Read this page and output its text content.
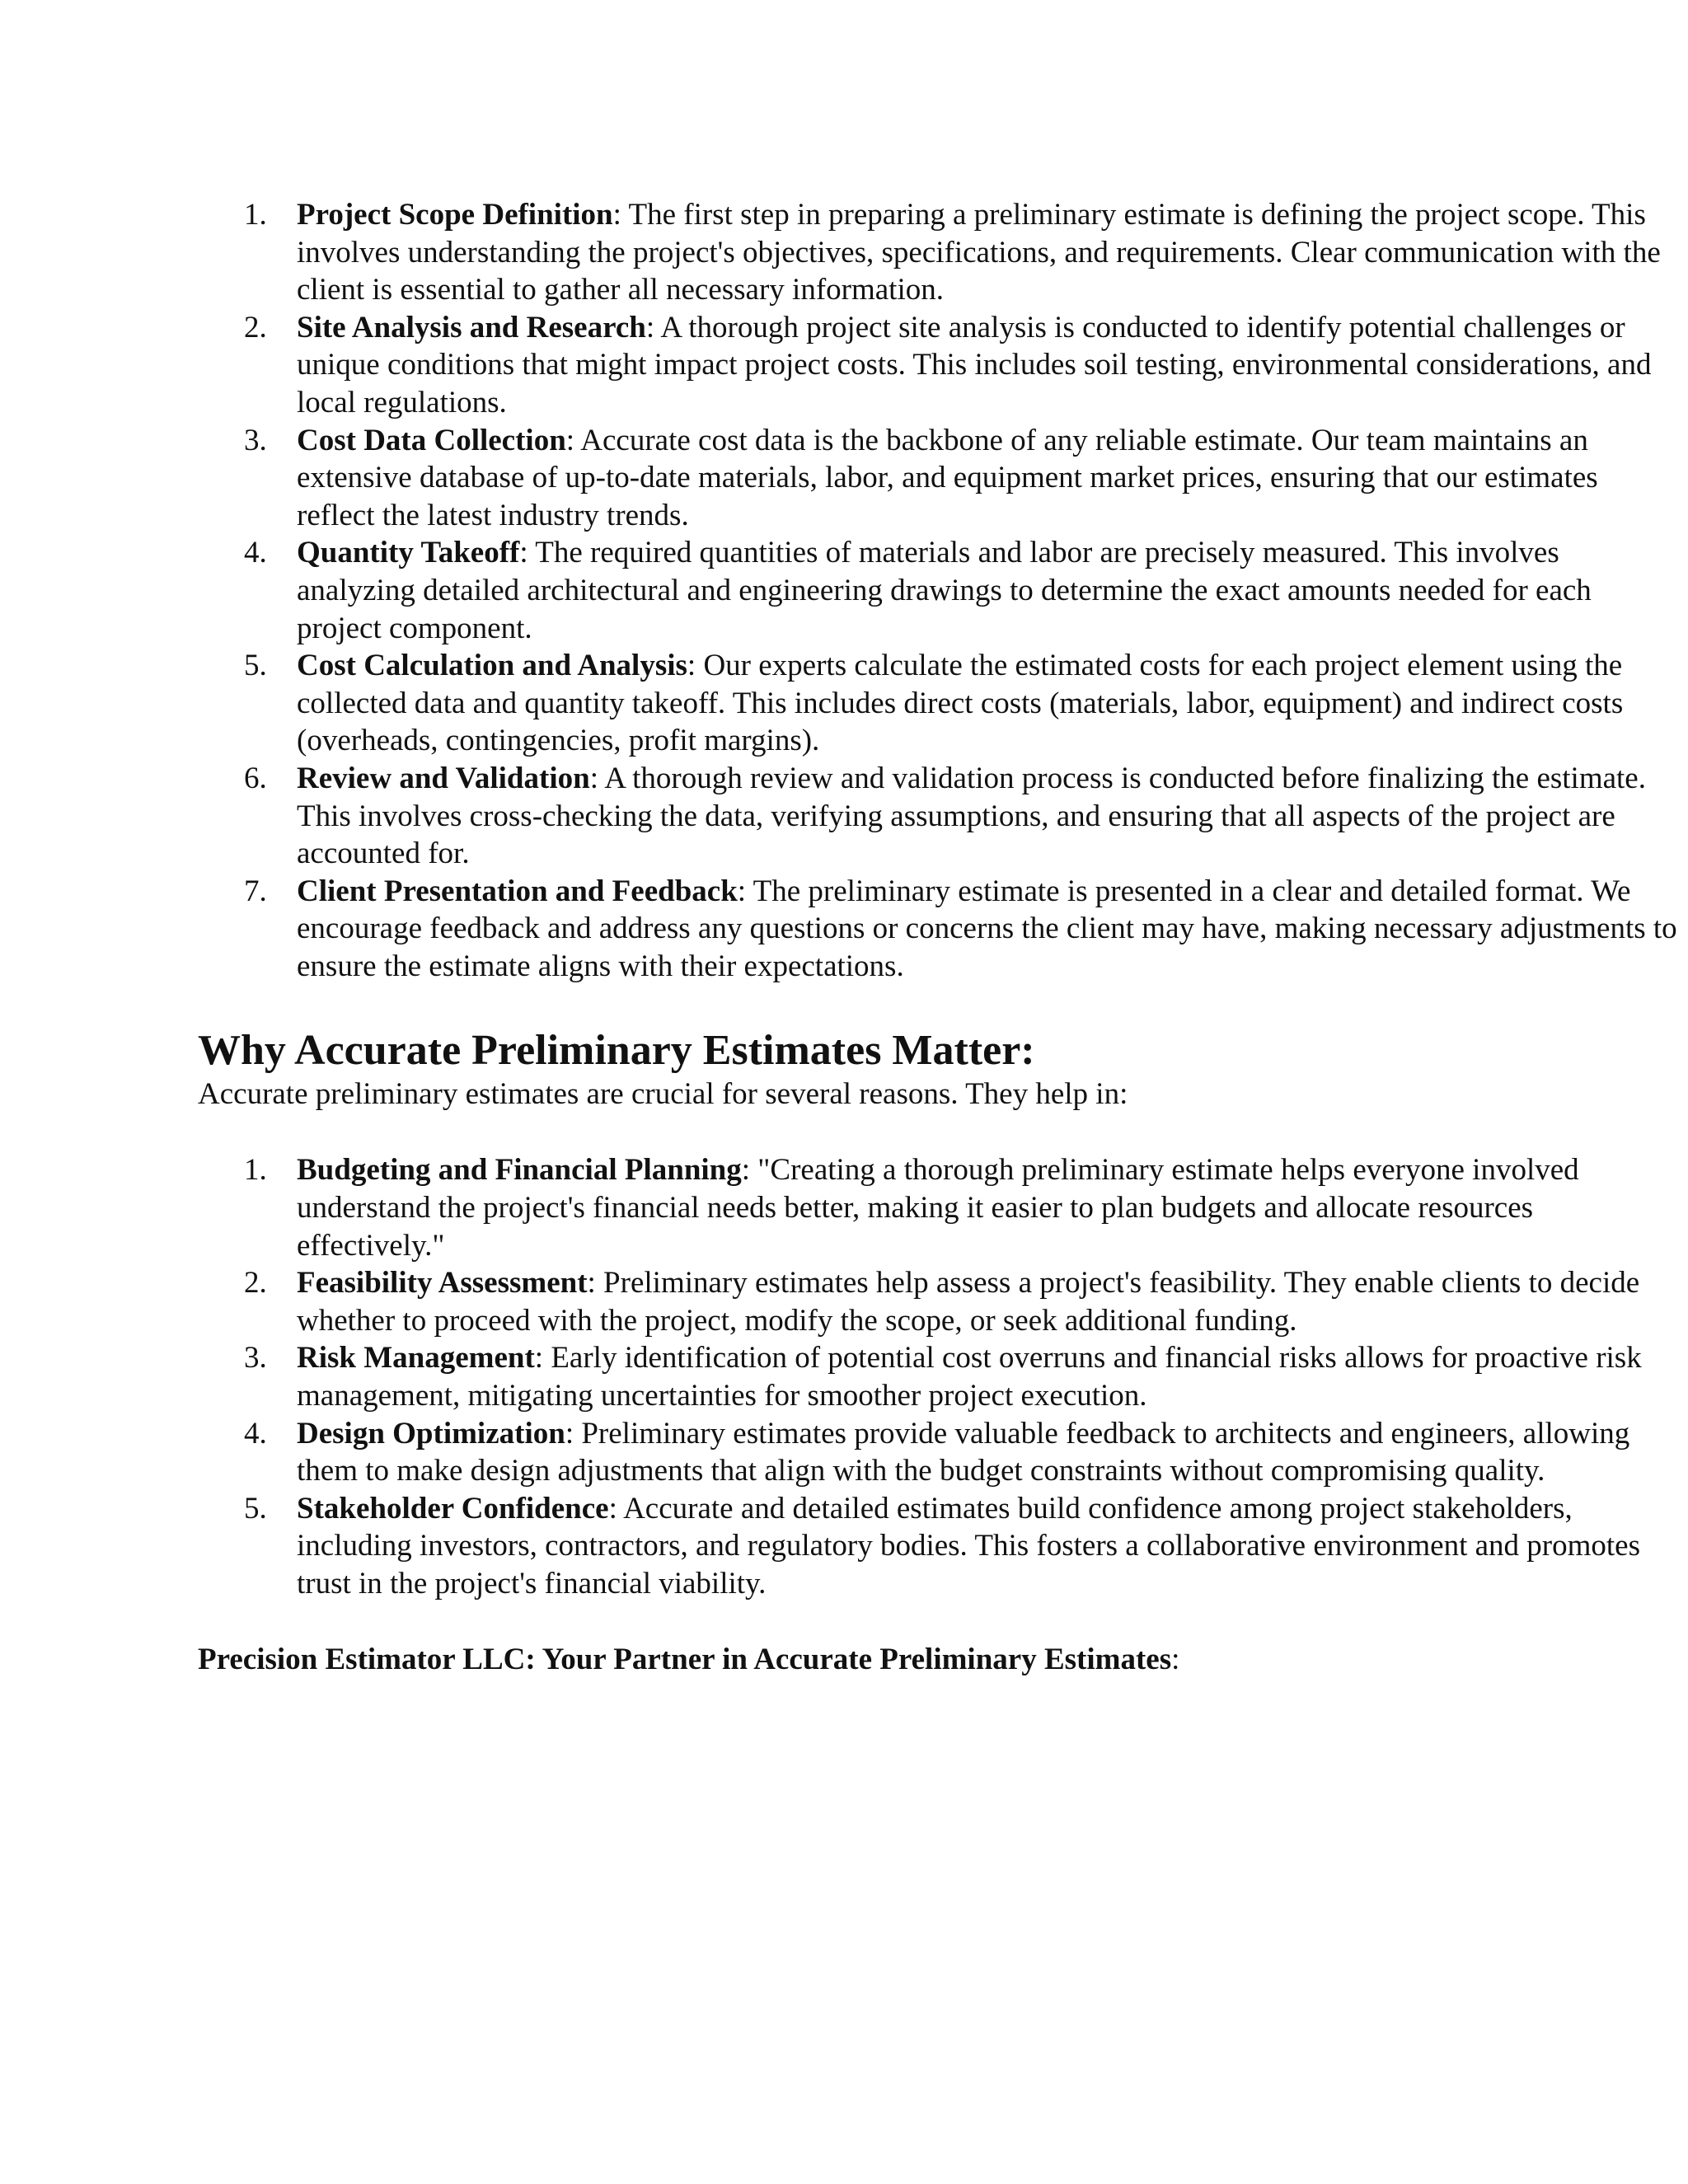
1. Project Scope Definition: The first step in preparing a preliminary estimate is defining the project scope. This involves understanding the project's objectives, specifications, and requirements. Clear communication with the client is essential to gather all necessary information.
2. Site Analysis and Research: A thorough project site analysis is conducted to identify potential challenges or unique conditions that might impact project costs. This includes soil testing, environmental considerations, and local regulations.
3. Cost Data Collection: Accurate cost data is the backbone of any reliable estimate. Our team maintains an extensive database of up-to-date materials, labor, and equipment market prices, ensuring that our estimates reflect the latest industry trends.
4. Quantity Takeoff: The required quantities of materials and labor are precisely measured. This involves analyzing detailed architectural and engineering drawings to determine the exact amounts needed for each project component.
5. Cost Calculation and Analysis: Our experts calculate the estimated costs for each project element using the collected data and quantity takeoff. This includes direct costs (materials, labor, equipment) and indirect costs (overheads, contingencies, profit margins).
6. Review and Validation: A thorough review and validation process is conducted before finalizing the estimate. This involves cross-checking the data, verifying assumptions, and ensuring that all aspects of the project are accounted for.
7. Client Presentation and Feedback: The preliminary estimate is presented in a clear and detailed format. We encourage feedback and address any questions or concerns the client may have, making necessary adjustments to ensure the estimate aligns with their expectations.
Why Accurate Preliminary Estimates Matter:

Accurate preliminary estimates are crucial for several reasons. They help in:

1. Budgeting and Financial Planning: "Creating a thorough preliminary estimate helps everyone involved understand the project's financial needs better, making it easier to plan budgets and allocate resources effectively."
2. Feasibility Assessment: Preliminary estimates help assess a project's feasibility. They enable clients to decide whether to proceed with the project, modify the scope, or seek additional funding.
3. Risk Management: Early identification of potential cost overruns and financial risks allows for proactive risk management, mitigating uncertainties for smoother project execution.
4. Design Optimization: Preliminary estimates provide valuable feedback to architects and engineers, allowing them to make design adjustments that align with the budget constraints without compromising quality.
5. Stakeholder Confidence: Accurate and detailed estimates build confidence among project stakeholders, including investors, contractors, and regulatory bodies. This fosters a collaborative environment and promotes trust in the project's financial viability.

Precision Estimator LLC: Your Partner in Accurate Preliminary Estimates:
